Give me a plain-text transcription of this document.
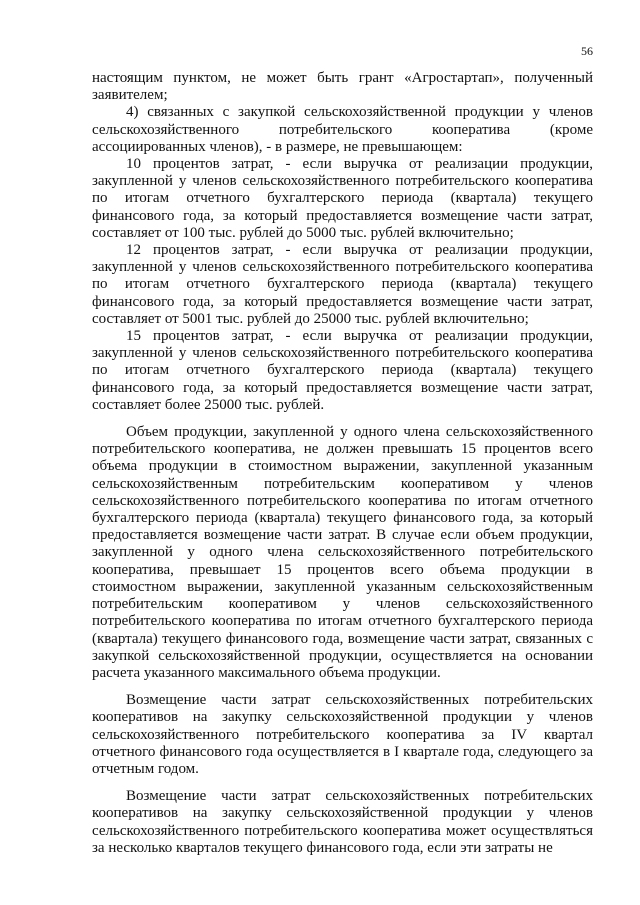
56

настоящим пунктом, не может быть грант «Агростартап», полученный заявителем;

4) связанных с закупкой сельскохозяйственной продукции у членов сельскохозяйственного потребительского кооператива (кроме ассоциированных членов), - в размере, не превышающем:

10 процентов затрат, - если выручка от реализации продукции, закупленной у членов сельскохозяйственного потребительского кооператива по итогам отчетного бухгалтерского периода (квартала) текущего финансового года, за который предоставляется возмещение части затрат, составляет от 100 тыс. рублей до 5000 тыс. рублей включительно;

12 процентов затрат, - если выручка от реализации продукции, закупленной у членов сельскохозяйственного потребительского кооператива по итогам отчетного бухгалтерского периода (квартала) текущего финансового года, за который предоставляется возмещение части затрат, составляет от 5001 тыс. рублей до 25000 тыс. рублей включительно;

15 процентов затрат, - если выручка от реализации продукции, закупленной у членов сельскохозяйственного потребительского кооператива по итогам отчетного бухгалтерского периода (квартала) текущего финансового года, за который предоставляется возмещение части затрат, составляет более 25000 тыс. рублей.

Объем продукции, закупленной у одного члена сельскохозяйственного потребительского кооператива, не должен превышать 15 процентов всего объема продукции в стоимостном выражении, закупленной указанным сельскохозяйственным потребительским кооперативом у членов сельскохозяйственного потребительского кооператива по итогам отчетного бухгалтерского периода (квартала) текущего финансового года, за который предоставляется возмещение части затрат. В случае если объем продукции, закупленной у одного члена сельскохозяйственного потребительского кооператива, превышает 15 процентов всего объема продукции в стоимостном выражении, закупленной указанным сельскохозяйственным потребительским кооперативом у членов сельскохозяйственного потребительского кооператива по итогам отчетного бухгалтерского периода (квартала) текущего финансового года, возмещение части затрат, связанных с закупкой сельскохозяйственной продукции, осуществляется на основании расчета указанного максимального объема продукции.

Возмещение части затрат сельскохозяйственных потребительских кооперативов на закупку сельскохозяйственной продукции у членов сельскохозяйственного потребительского кооператива за IV квартал отчетного финансового года осуществляется в I квартале года, следующего за отчетным годом.

Возмещение части затрат сельскохозяйственных потребительских кооперативов на закупку сельскохозяйственной продукции у членов сельскохозяйственного потребительского кооператива может осуществляться за несколько кварталов текущего финансового года, если эти затраты не
